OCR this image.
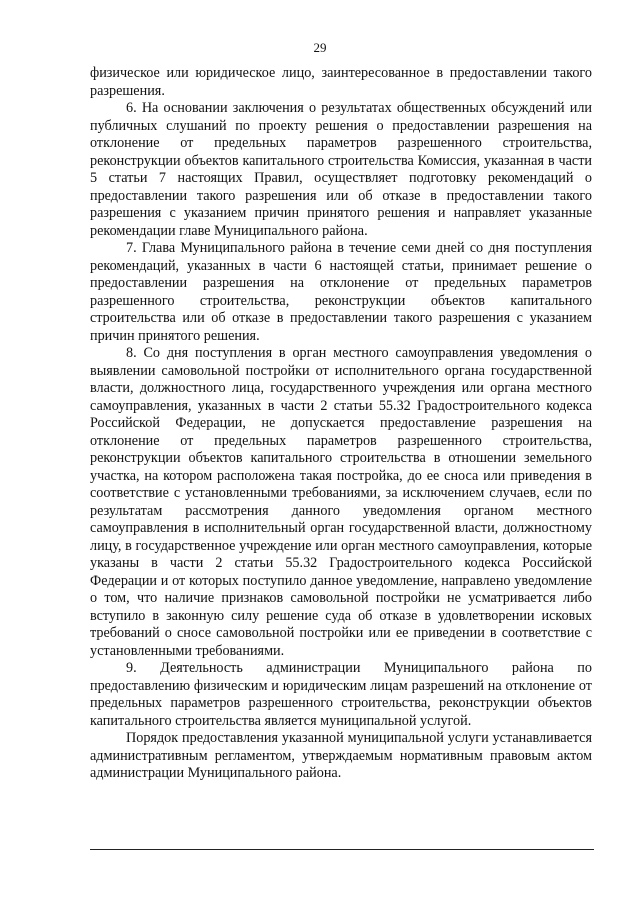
29

физическое или юридическое лицо, заинтересованное в предоставлении такого разрешения.

6. На основании заключения о результатах общественных обсуждений или публичных слушаний по проекту решения о предоставлении разрешения на отклонение от предельных параметров разрешенного строительства, реконструкции объектов капитального строительства Комиссия, указанная в части 5 статьи 7 настоящих Правил, осуществляет подготовку рекомендаций о предоставлении такого разрешения или об отказе в предоставлении такого разрешения с указанием причин принятого решения и направляет указанные рекомендации главе Муниципального района.

7. Глава Муниципального района в течение семи дней со дня поступления рекомендаций, указанных в части 6 настоящей статьи, принимает решение о предоставлении разрешения на отклонение от предельных параметров разрешенного строительства, реконструкции объектов капитального строительства или об отказе в предоставлении такого разрешения с указанием причин принятого решения.

8. Со дня поступления в орган местного самоуправления уведомления о выявлении самовольной постройки от исполнительного органа государственной власти, должностного лица, государственного учреждения или органа местного самоуправления, указанных в части 2 статьи 55.32 Градостроительного кодекса Российской Федерации, не допускается предоставление разрешения на отклонение от предельных параметров разрешенного строительства, реконструкции объектов капитального строительства в отношении земельного участка, на котором расположена такая постройка, до ее сноса или приведения в соответствие с установленными требованиями, за исключением случаев, если по результатам рассмотрения данного уведомления органом местного самоуправления в исполнительный орган государственной власти, должностному лицу, в государственное учреждение или орган местного самоуправления, которые указаны в части 2 статьи 55.32 Градостроительного кодекса Российской Федерации и от которых поступило данное уведомление, направлено уведомление о том, что наличие признаков самовольной постройки не усматривается либо вступило в законную силу решение суда об отказе в удовлетворении исковых требований о сносе самовольной постройки или ее приведении в соответствие с установленными требованиями.

9. Деятельность администрации Муниципального района по предоставлению физическим и юридическим лицам разрешений на отклонение от предельных параметров разрешенного строительства, реконструкции объектов капитального строительства является муниципальной услугой.

Порядок предоставления указанной муниципальной услуги устанавливается административным регламентом, утверждаемым нормативным правовым актом администрации Муниципального района.
